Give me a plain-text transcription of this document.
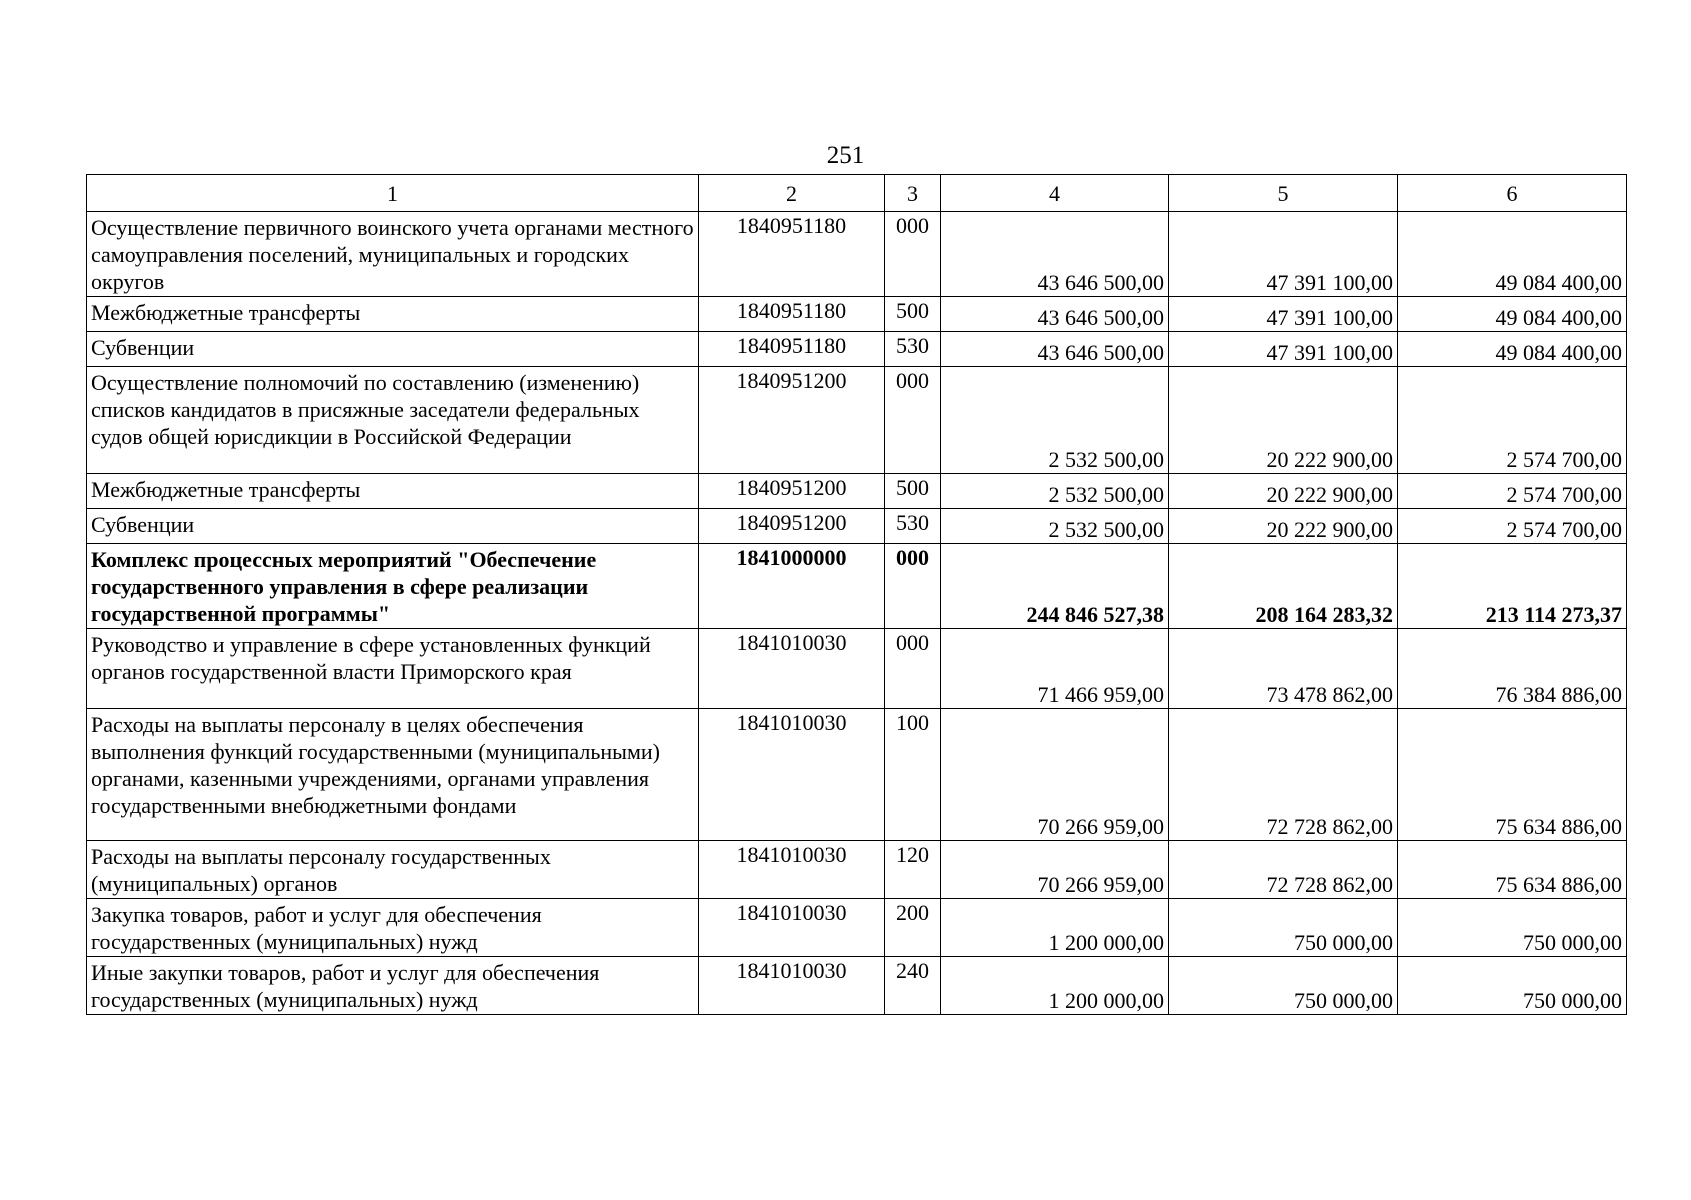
251
1	2	3	4	5	6

Осуществление первичного воинского учета органами местного самоуправления поселений, муниципальных и городских округов	1840951180	000	43 646 500,00	47 391 100,00	49 084 400,00

Межбюджетные трансферты	1840951180	500	43 646 500,00	47 391 100,00	49 084 400,00

Субвенции	1840951180	530	43 646 500,00	47 391 100,00	49 084 400,00

Осуществление полномочий по составлению (изменению) списков кандидатов в присяжные заседатели федеральных судов общей юрисдикции в Российской Федерации	1840951200	000	2 532 500,00	20 222 900,00	2 574 700,00

Межбюджетные трансферты	1840951200	500	2 532 500,00	20 222 900,00	2 574 700,00

Субвенции	1840951200	530	2 532 500,00	20 222 900,00	2 574 700,00

Комплекс процессных мероприятий "Обеспечение государственного управления в сфере реализации государственной программы"	1841000000	000	244 846 527,38	208 164 283,32	213 114 273,37

Руководство и управление в сфере установленных функций органов государственной власти Приморского края	1841010030	000	71 466 959,00	73 478 862,00	76 384 886,00

Расходы на выплаты персоналу в целях обеспечения выполнения функций государственными (муниципальными) органами, казенными учреждениями, органами управления государственными внебюджетными фондами	1841010030	100	70 266 959,00	72 728 862,00	75 634 886,00

Расходы на выплаты персоналу государственных (муниципальных) органов	1841010030	120	70 266 959,00	72 728 862,00	75 634 886,00

Закупка товаров, работ и услуг для обеспечения государственных (муниципальных) нужд	1841010030	200	1 200 000,00	750 000,00	750 000,00

Иные закупки товаров, работ и услуг для обеспечения государственных (муниципальных) нужд	1841010030	240	1 200 000,00	750 000,00	750 000,00
